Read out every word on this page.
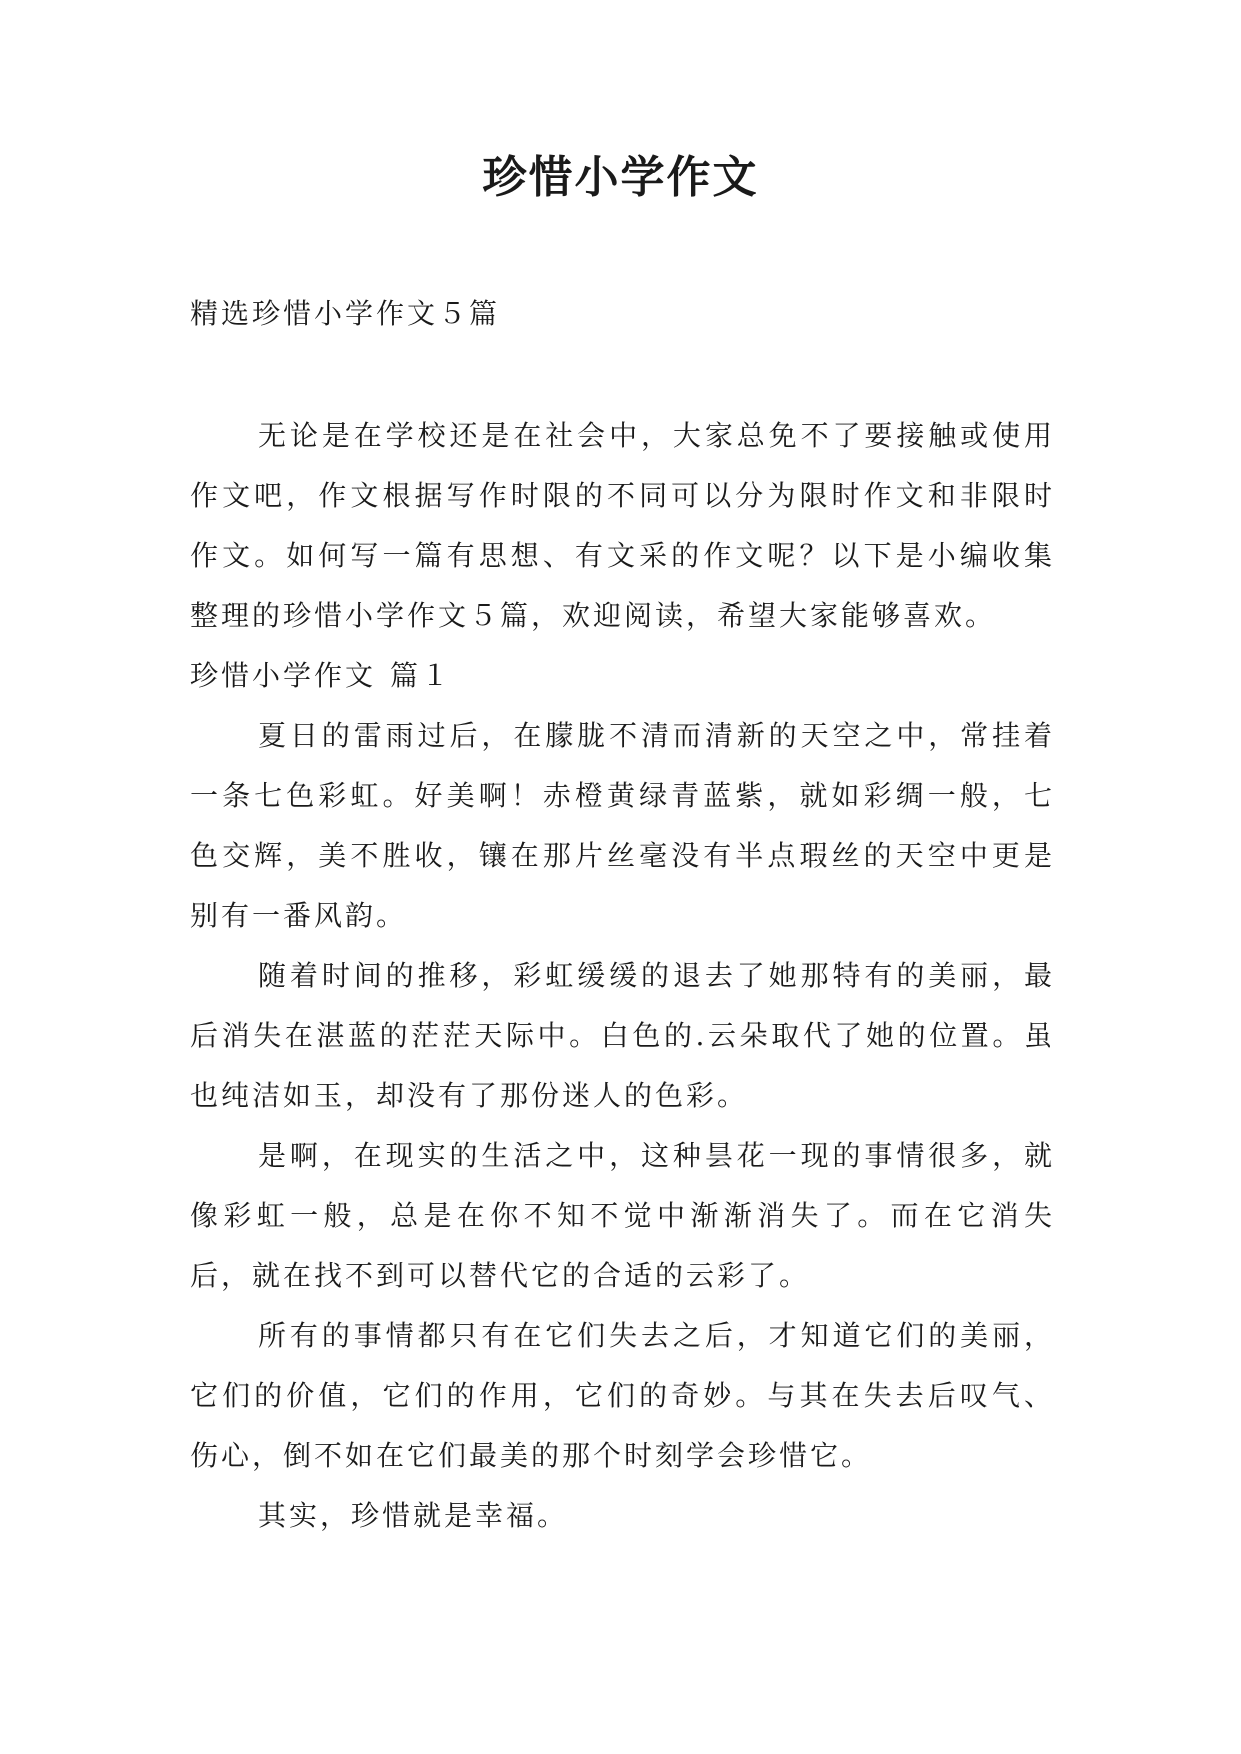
珍惜小学作文

精选珍惜小学作文５篇

无论是在学校还是在社会中，大家总免不了要接触或使用作文吧，作文根据写作时限的不同可以分为限时作文和非限时作文。如何写一篇有思想、有文采的作文呢？以下是小编收集整理的珍惜小学作文５篇，欢迎阅读，希望大家能够喜欢。

珍惜小学作文 篇１

夏日的雷雨过后，在朦胧不清而清新的天空之中，常挂着一条七色彩虹。好美啊！赤橙黄绿青蓝紫，就如彩绸一般，七色交辉，美不胜收，镶在那片丝毫没有半点瑕丝的天空中更是别有一番风韵。

随着时间的推移，彩虹缓缓的退去了她那特有的美丽，最后消失在湛蓝的茫茫天际中。白色的.云朵取代了她的位置。虽也纯洁如玉，却没有了那份迷人的色彩。

是啊，在现实的生活之中，这种昙花一现的事情很多，就像彩虹一般，总是在你不知不觉中渐渐消失了。而在它消失后，就在找不到可以替代它的合适的云彩了。

所有的事情都只有在它们失去之后，才知道它们的美丽，它们的价值，它们的作用，它们的奇妙。与其在失去后叹气、伤心，倒不如在它们最美的那个时刻学会珍惜它。

其实，珍惜就是幸福。
